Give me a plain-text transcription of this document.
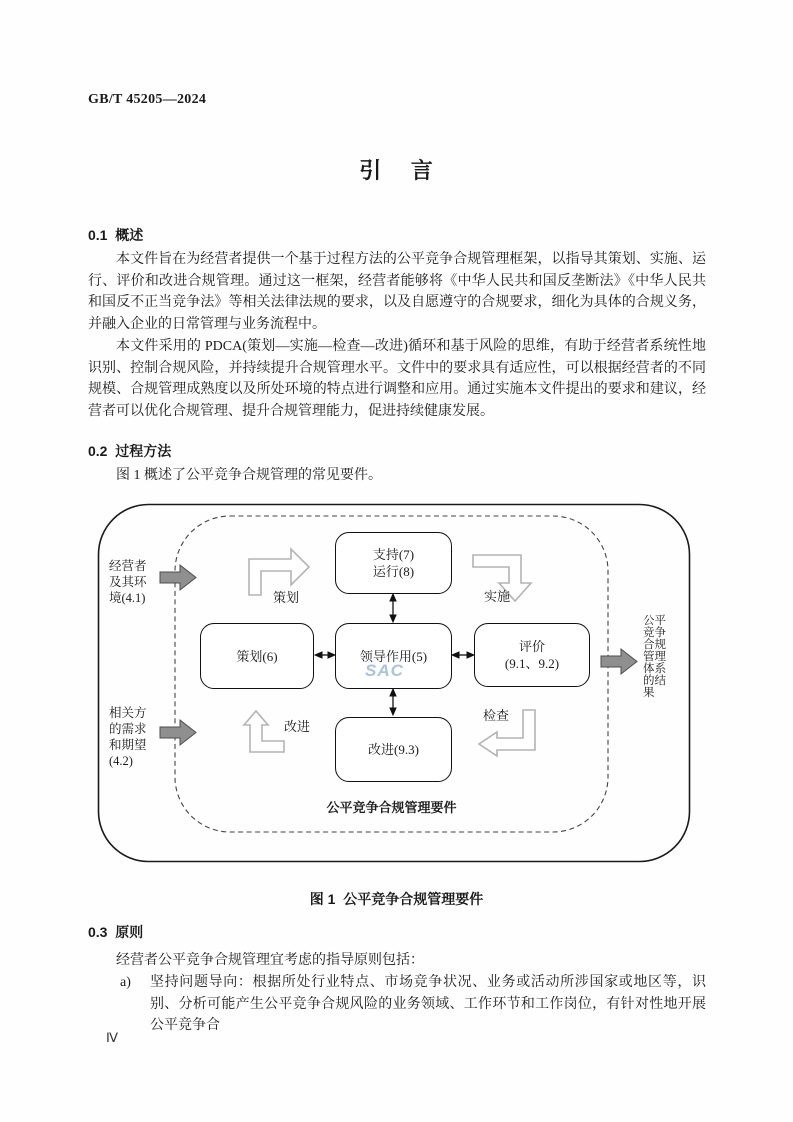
GB/T 45205—2024
引    言
0.1  概述

本文件旨在为经营者提供一个基于过程方法的公平竞争合规管理框架，以指导其策划、实施、运行、评价和改进合规管理。通过这一框架，经营者能够将《中华人民共和国反垄断法》《中华人民共和国反不正当竞争法》等相关法律法规的要求，以及自愿遵守的合规要求，细化为具体的合规义务，并融入企业的日常管理与业务流程中。

本文件采用的 PDCA(策划—实施—检查—改进)循环和基于风险的思维，有助于经营者系统性地识别、控制合规风险，并持续提升合规管理水平。文件中的要求具有适应性，可以根据经营者的不同规模、合规管理成熟度以及所处环境的特点进行调整和应用。通过实施本文件提出的要求和建议，经营者可以优化合规管理、提升合规管理能力，促进持续健康发展。

0.2  过程方法

图 1 概述了公平竞争合规管理的常见要件。

支持(7)
运行(8)
策划(6)	领导作用(5)
评价
(9.1、9.2)
改进(9.3)
经营者
及其环
境(4.1)
相关方
的需求
和期望
(4.2)
公平
竞争
合规
管理
体系
的结
果
策划	实施
改进
检查
公平竞争合规管理要件
SAC
图 1  公平竞争合规管理要件
0.3  原则

经营者公平竞争合规管理宜考虑的指导原则包括：

a) 坚持问题导向：根据所处行业特点、市场竞争状况、业务或活动所涉国家或地区等，识别、分析可能产生公平竞争合规风险的业务领域、工作环节和工作岗位，有针对性地开展公平竞争合
Ⅳ
